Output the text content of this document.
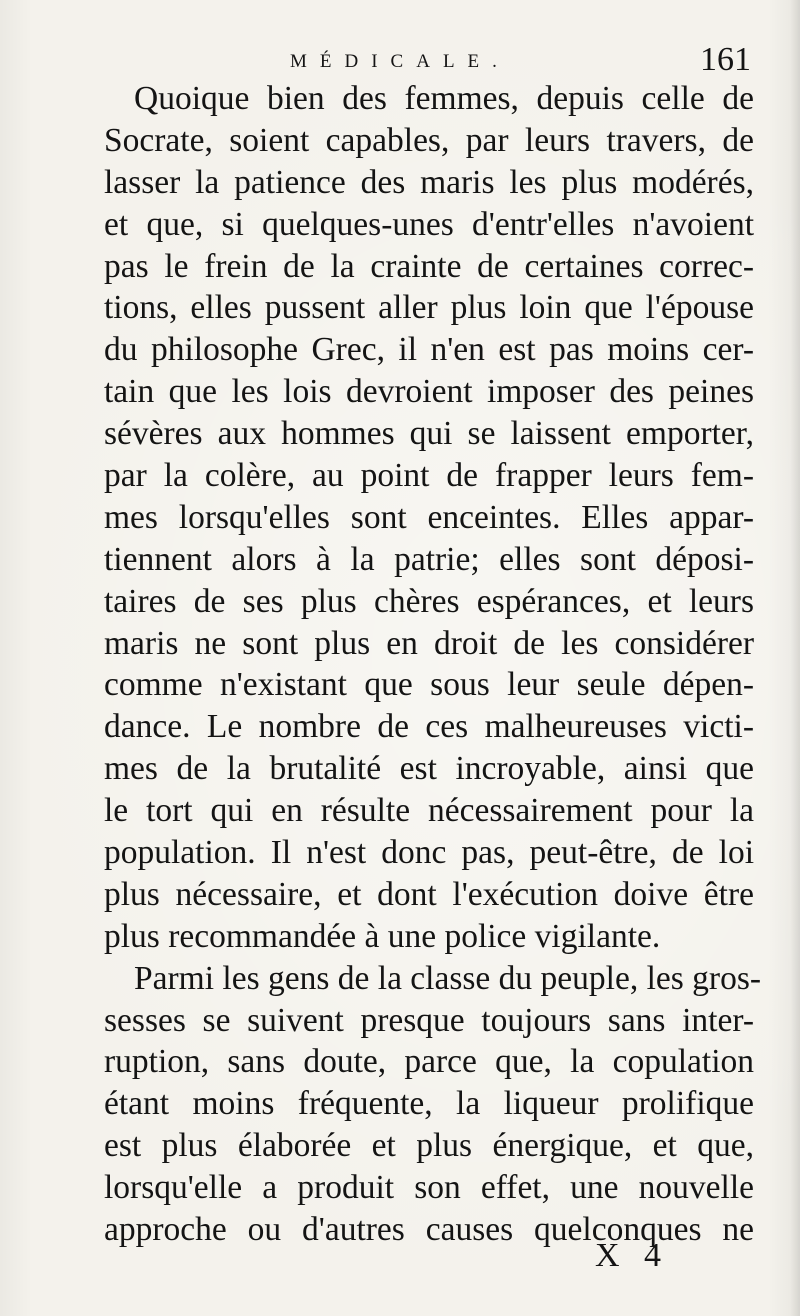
MÉDICALE.	161
Quoique bien des femmes, depuis celle de
Socrate, soient capables, par leurs travers, de
lasser la patience des maris les plus modérés,
et que, si quelques-unes d'entr'elles n'avoient
pas le frein de la crainte de certaines correc-
tions, elles pussent aller plus loin que l'épouse
du philosophe Grec, il n'en est pas moins cer-
tain que les lois devroient imposer des peines
sévères aux hommes qui se laissent emporter,
par la colère, au point de frapper leurs fem-
mes lorsqu'elles sont enceintes. Elles appar-
tiennent alors à la patrie; elles sont déposi-
taires de ses plus chères espérances, et leurs
maris ne sont plus en droit de les considérer
comme n'existant que sous leur seule dépen-
dance. Le nombre de ces malheureuses victi-
mes de la brutalité est incroyable, ainsi que
le tort qui en résulte nécessairement pour la
population. Il n'est donc pas, peut-être, de loi
plus nécessaire, et dont l'exécution doive être
plus recommandée à une police vigilante.
Parmi les gens de la classe du peuple, les gros-
sesses se suivent presque toujours sans inter-
ruption, sans doute, parce que, la copulation
étant moins fréquente, la liqueur prolifique
est plus élaborée et plus énergique, et que,
lorsqu'elle a produit son effet, une nouvelle
approche ou d'autres causes quelconques ne
X 4
